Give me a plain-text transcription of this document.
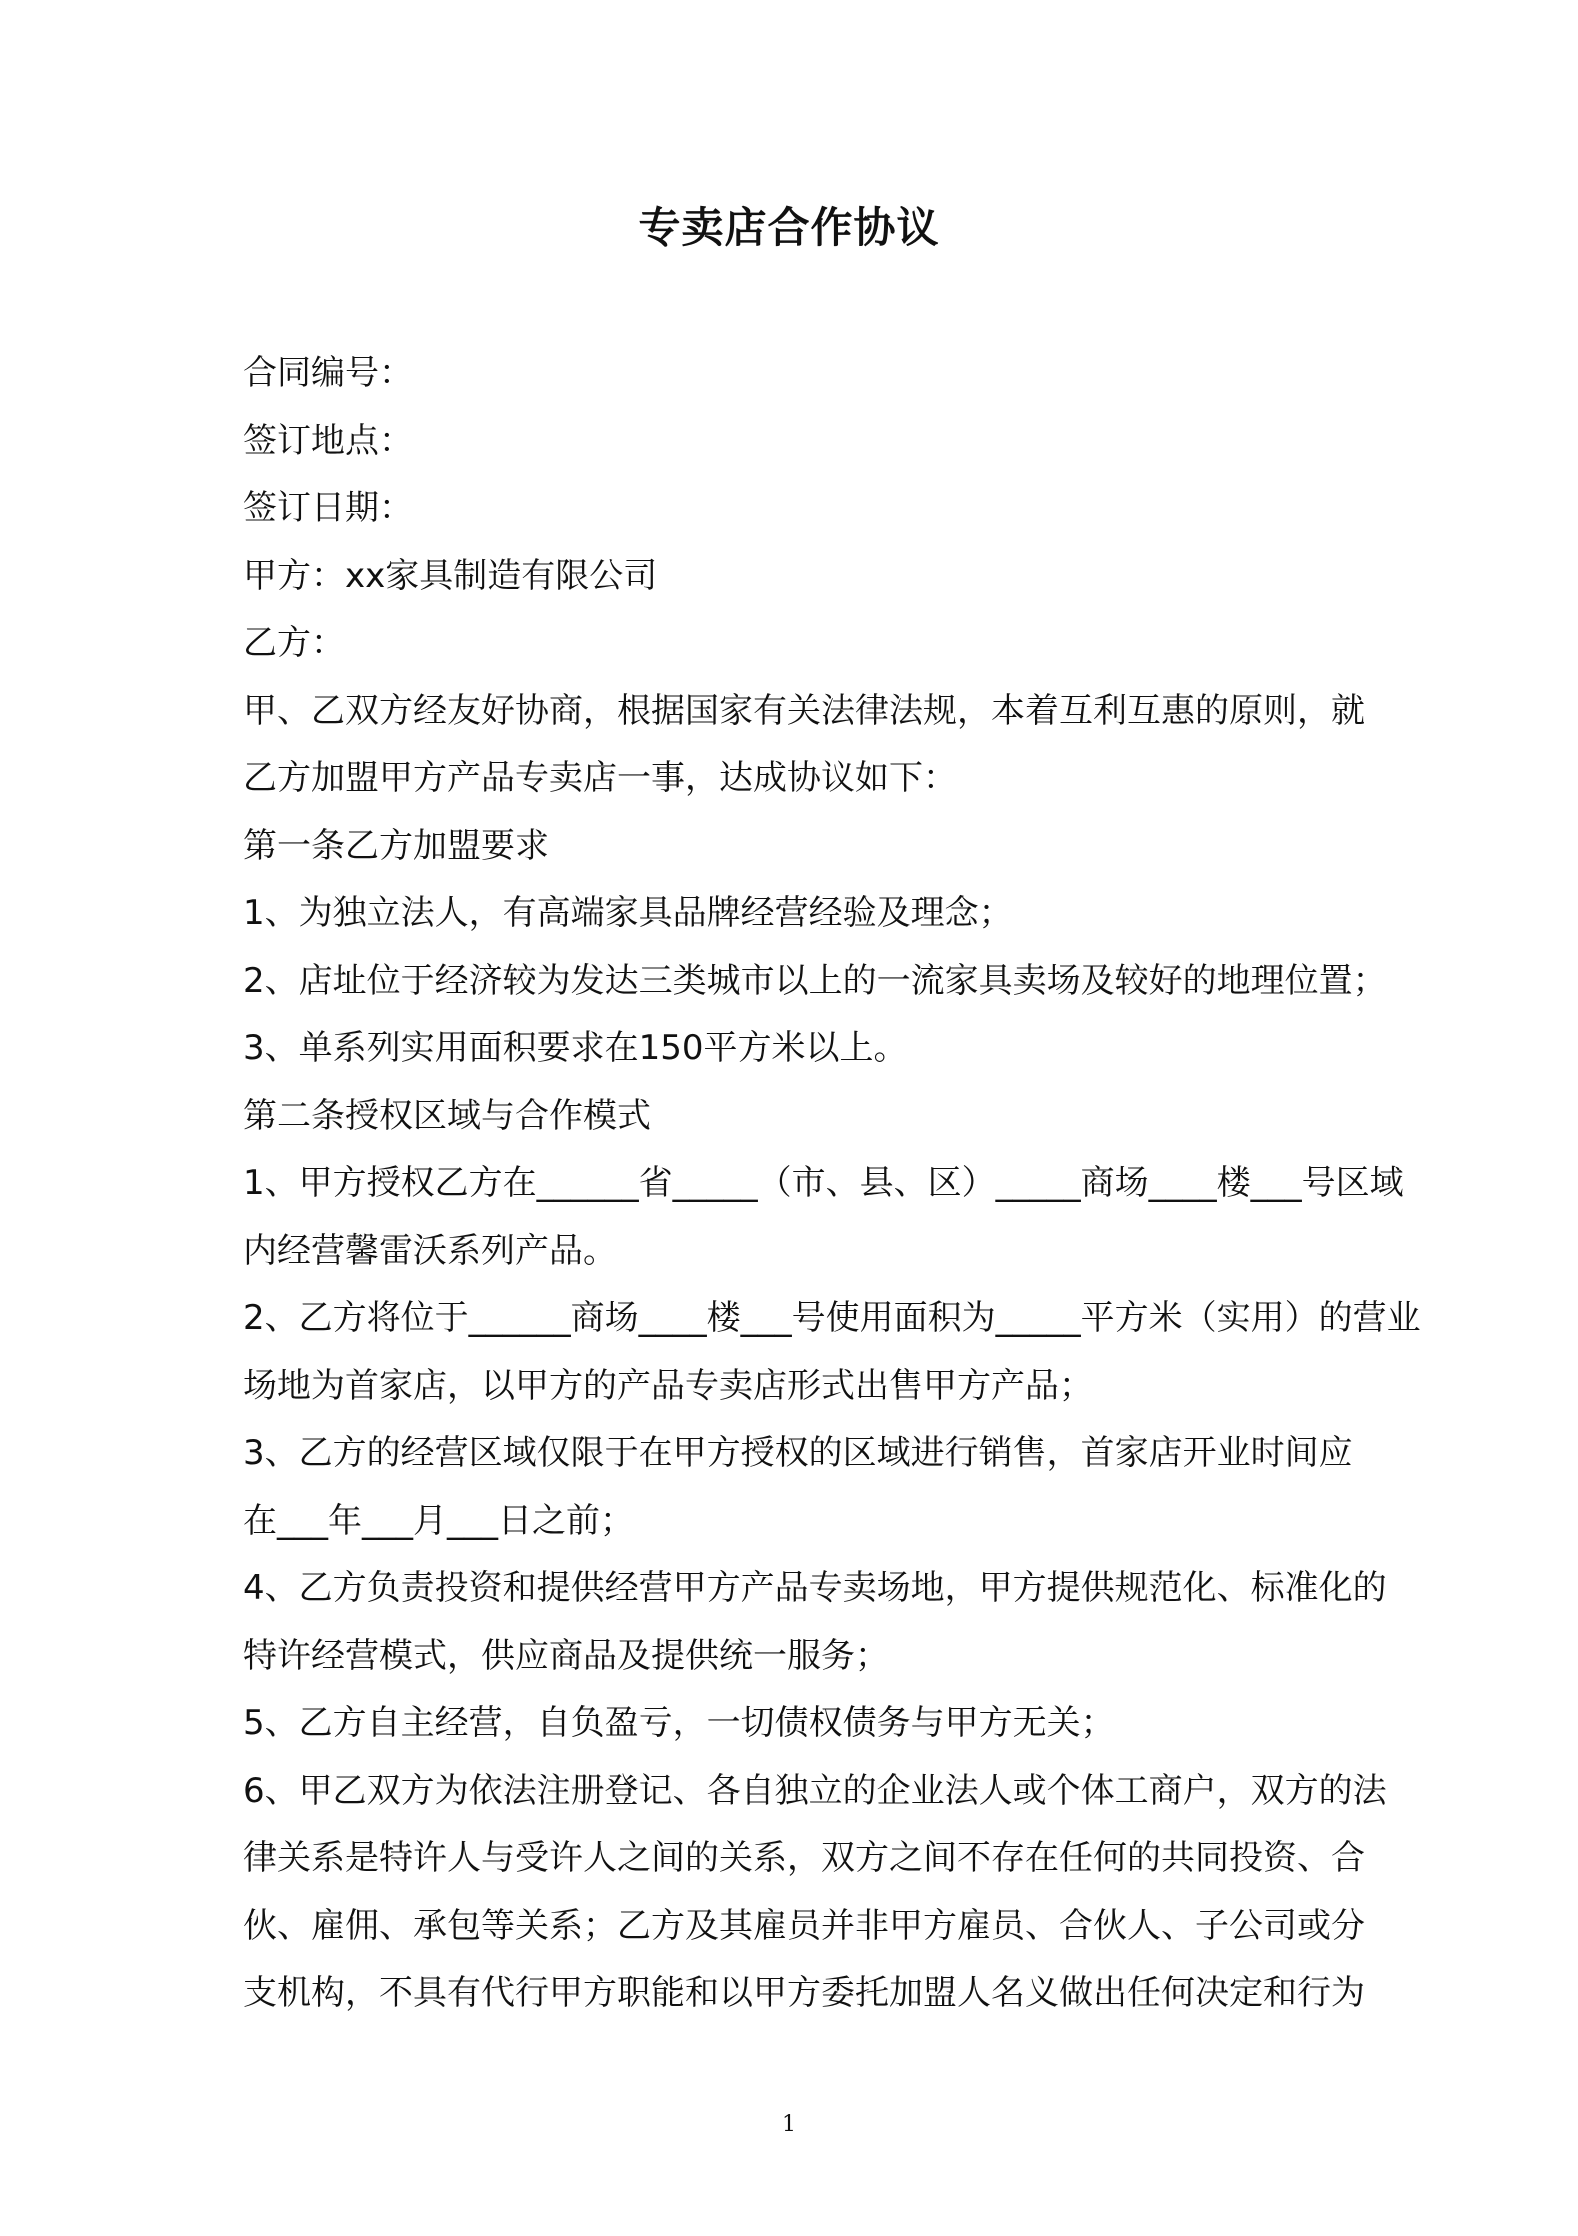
专卖店合作协议
合同编号：
签订地点：
签订日期：
甲方：xx家具制造有限公司
乙方：
甲、乙双方经友好协商，根据国家有关法律法规，本着互利互惠的原则，就
乙方加盟甲方产品专卖店一事，达成协议如下：
第一条乙方加盟要求
1、为独立法人，有高端家具品牌经营经验及理念；
2、店址位于经济较为发达三类城市以上的一流家具卖场及较好的地理位置；
3、单系列实用面积要求在150平方米以上。
第二条授权区域与合作模式
1、甲方授权乙方在______省_____（市、县、区）_____商场____楼___号区域
内经营馨雷沃系列产品。
2、乙方将位于______商场____楼___号使用面积为_____平方米（实用）的营业
场地为首家店，以甲方的产品专卖店形式出售甲方产品；
3、乙方的经营区域仅限于在甲方授权的区域进行销售，首家店开业时间应
在___年___月___日之前；
4、乙方负责投资和提供经营甲方产品专卖场地，甲方提供规范化、标准化的
特许经营模式，供应商品及提供统一服务；
5、乙方自主经营，自负盈亏，一切债权债务与甲方无关；
6、甲乙双方为依法注册登记、各自独立的企业法人或个体工商户，双方的法
律关系是特许人与受许人之间的关系，双方之间不存在任何的共同投资、合
伙、雇佣、承包等关系；乙方及其雇员并非甲方雇员、合伙人、子公司或分
支机构，不具有代行甲方职能和以甲方委托加盟人名义做出任何决定和行为
1
